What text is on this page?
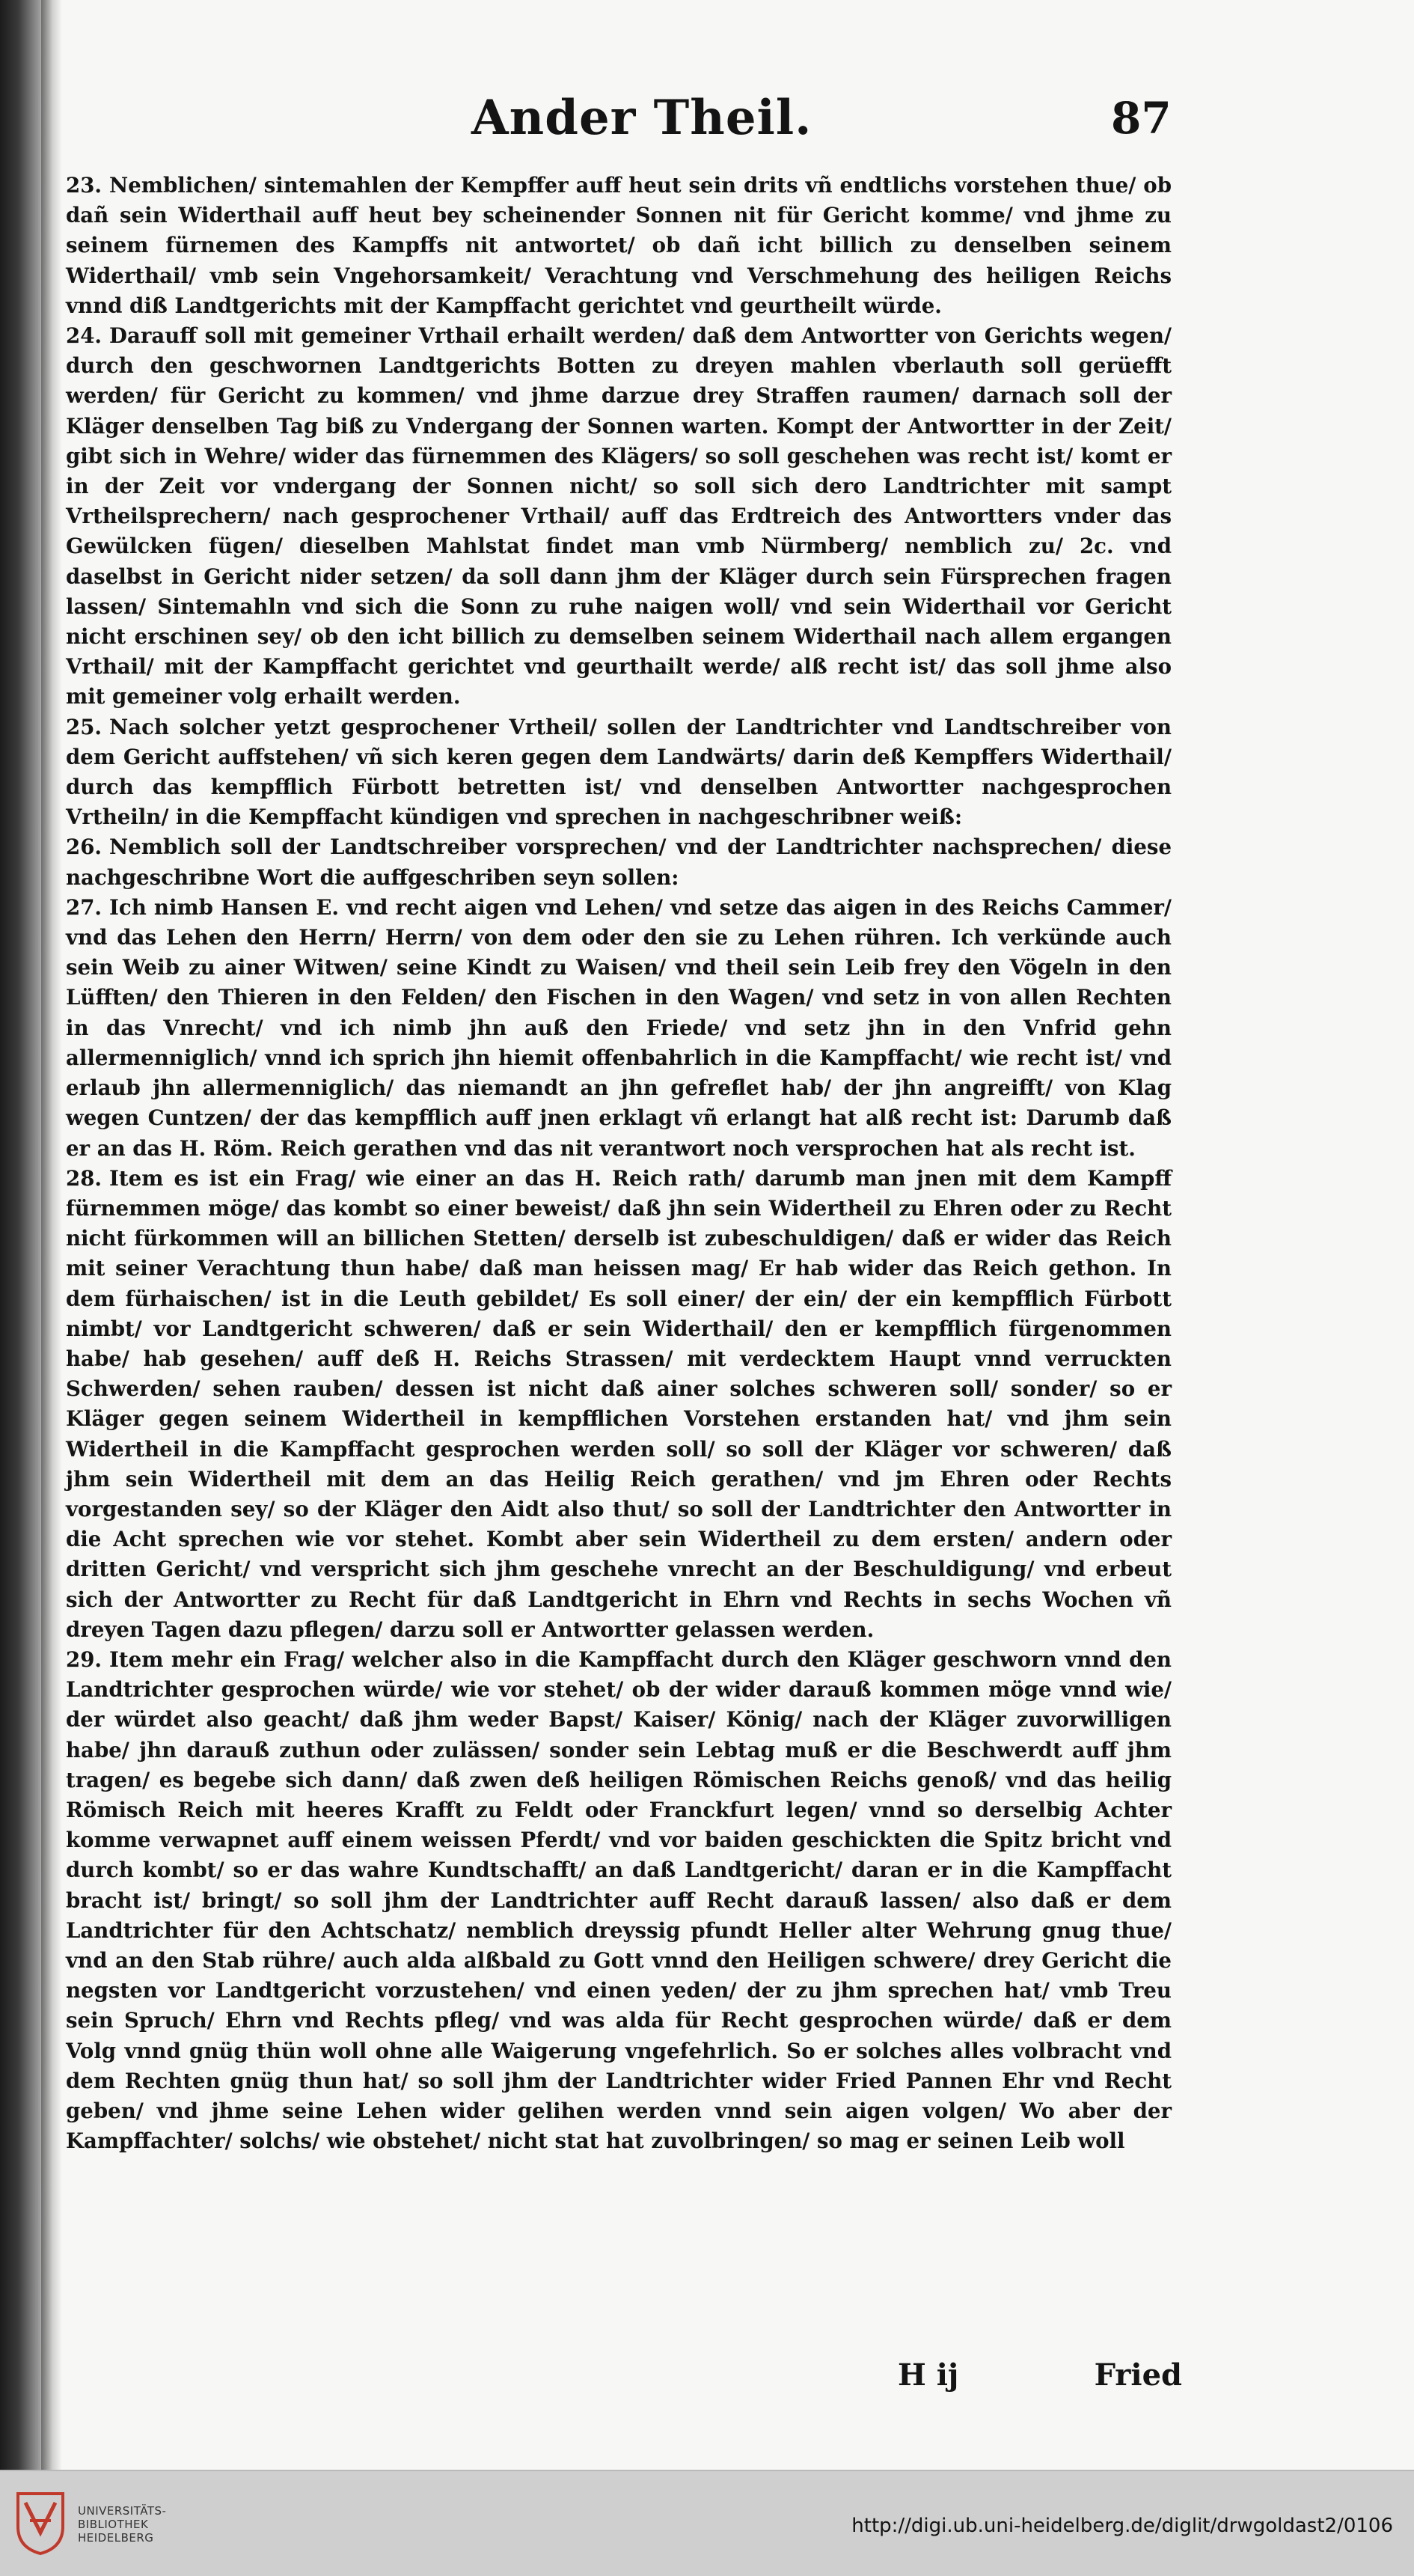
Ander Theil.	87

23. Nemblichen/ sintemahlen der Kempffer auff heut sein drits vñ endtlichs vorstehen thue/ ob dañ sein Widerthail auff heut bey scheinender Sonnen nit für Gericht komme/ vnd jhme zu seinem fürnemen des Kampffs nit antwortet/ ob dañ icht billich zu denselben seinem Widerthail/ vmb sein Vngehorsamkeit/ Verachtung vnd Verschmehung des heiligen Reichs vnnd diß Landtgerichts mit der Kampffacht gerichtet vnd geurtheilt würde.

24. Darauff soll mit gemeiner Vrthail erhailt werden/ daß dem Antwortter von Gerichts wegen/ durch den geschwornen Landtgerichts Botten zu dreyen mahlen vberlauth soll gerüefft werden/ für Gericht zu kommen/ vnd jhme darzue drey Straffen raumen/ darnach soll der Kläger denselben Tag biß zu Vndergang der Sonnen warten. Kompt der Antwortter in der Zeit/ gibt sich in Wehre/ wider das fürnemmen des Klägers/ so soll geschehen was recht ist/ komt er in der Zeit vor vndergang der Sonnen nicht/ so soll sich dero Landtrichter mit sampt Vrtheilsprechern/ nach gesprochener Vrthail/ auff das Erdtreich des Antwortters vnder das Gewülcken fügen/ dieselben Mahlstat findet man vmb Nürmberg/ nemblich zu/ 2c. vnd daselbst in Gericht nider setzen/ da soll dann jhm der Kläger durch sein Fürsprechen fragen lassen/ Sintemahln vnd sich die Sonn zu ruhe naigen woll/ vnd sein Widerthail vor Gericht nicht erschinen sey/ ob den icht billich zu demselben seinem Widerthail nach allem ergangen Vrthail/ mit der Kampffacht gerichtet vnd geurthailt werde/ alß recht ist/ das soll jhme also mit gemeiner volg erhailt werden.

25. Nach solcher yetzt gesprochener Vrtheil/ sollen der Landtrichter vnd Landtschreiber von dem Gericht auffstehen/ vñ sich keren gegen dem Landwärts/ darin deß Kempffers Widerthail/ durch das kempfflich Fürbott betretten ist/ vnd denselben Antwortter nachgesprochen Vrtheiln/ in die Kempffacht kündigen vnd sprechen in nachgeschribner weiß:

26. Nemblich soll der Landtschreiber vorsprechen/ vnd der Landtrichter nachsprechen/ diese nachgeschribne Wort die auffgeschriben seyn sollen:

27. Ich nimb Hansen E. vnd recht aigen vnd Lehen/ vnd setze das aigen in des Reichs Cammer/ vnd das Lehen den Herrn/ Herrn/ von dem oder den sie zu Lehen rühren. Ich verkünde auch sein Weib zu ainer Witwen/ seine Kindt zu Waisen/ vnd theil sein Leib frey den Vögeln in den Lüfften/ den Thieren in den Felden/ den Fischen in den Wagen/ vnd setz in von allen Rechten in das Vnrecht/ vnd ich nimb jhn auß den Friede/ vnd setz jhn in den Vnfrid gehn allermenniglich/ vnnd ich sprich jhn hiemit offenbahrlich in die Kampffacht/ wie recht ist/ vnd erlaub jhn allermenniglich/ das niemandt an jhn gefreflet hab/ der jhn angreifft/ von Klag wegen Cuntzen/ der das kempfflich auff jnen erklagt vñ erlangt hat alß recht ist: Darumb daß er an das H. Röm. Reich gerathen vnd das nit verantwort noch versprochen hat als recht ist.

28. Item es ist ein Frag/ wie einer an das H. Reich rath/ darumb man jnen mit dem Kampff fürnemmen möge/ das kombt so einer beweist/ daß jhn sein Widertheil zu Ehren oder zu Recht nicht fürkommen will an billichen Stetten/ derselb ist zubeschuldigen/ daß er wider das Reich mit seiner Verachtung thun habe/ daß man heissen mag/ Er hab wider das Reich gethon. In dem fürhaischen/ ist in die Leuth gebildet/ Es soll einer/ der ein/ der ein kempfflich Fürbott nimbt/ vor Landtgericht schweren/ daß er sein Widerthail/ den er kempfflich fürgenommen habe/ hab gesehen/ auff deß H. Reichs Strassen/ mit verdecktem Haupt vnnd verruckten Schwerden/ sehen rauben/ dessen ist nicht daß ainer solches schweren soll/ sonder/ so er Kläger gegen seinem Widertheil in kempfflichen Vorstehen erstanden hat/ vnd jhm sein Widertheil in die Kampffacht gesprochen werden soll/ so soll der Kläger vor schweren/ daß jhm sein Widertheil mit dem an das Heilig Reich gerathen/ vnd jm Ehren oder Rechts vorgestanden sey/ so der Kläger den Aidt also thut/ so soll der Landtrichter den Antwortter in die Acht sprechen wie vor stehet. Kombt aber sein Widertheil zu dem ersten/ andern oder dritten Gericht/ vnd verspricht sich jhm geschehe vnrecht an der Beschuldigung/ vnd erbeut sich der Antwortter zu Recht für daß Landtgericht in Ehrn vnd Rechts in sechs Wochen vñ dreyen Tagen dazu pflegen/ darzu soll er Antwortter gelassen werden.

29. Item mehr ein Frag/ welcher also in die Kampffacht durch den Kläger geschworn vnnd den Landtrichter gesprochen würde/ wie vor stehet/ ob der wider darauß kommen möge vnnd wie/ der würdet also geacht/ daß jhm weder Bapst/ Kaiser/ König/ nach der Kläger zuvorwilligen habe/ jhn darauß zuthun oder zulässen/ sonder sein Lebtag muß er die Beschwerdt auff jhm tragen/ es begebe sich dann/ daß zwen deß heiligen Römischen Reichs genoß/ vnd das heilig Römisch Reich mit heeres Krafft zu Feldt oder Franckfurt legen/ vnnd so derselbig Achter komme verwapnet auff einem weissen Pferdt/ vnd vor baiden geschickten die Spitz bricht vnd durch kombt/ so er das wahre Kundtschafft/ an daß Landtgericht/ daran er in die Kampffacht bracht ist/ bringt/ so soll jhm der Landtrichter auff Recht darauß lassen/ also daß er dem Landtrichter für den Achtschatz/ nemblich dreyssig pfundt Heller alter Wehrung gnug thue/ vnd an den Stab rühre/ auch alda alßbald zu Gott vnnd den Heiligen schwere/ drey Gericht die negsten vor Landtgericht vorzustehen/ vnd einen yeden/ der zu jhm sprechen hat/ vmb Treu sein Spruch/ Ehrn vnd Rechts pfleg/ vnd was alda für Recht gesprochen würde/ daß er dem Volg vnnd gnüg thün woll ohne alle Waigerung vngefehrlich. So er solches alles volbracht vnd dem Rechten gnüg thun hat/ so soll jhm der Landtrichter wider Fried Pannen Ehr vnd Recht geben/ vnd jhme seine Lehen wider gelihen werden vnnd sein aigen volgen/ Wo aber der Kampffachter/ solchs/ wie obstehet/ nicht stat hat zuvolbringen/ so mag er seinen Leib woll

H ij	Fried
UNIVERSITÄTS-
BIBLIOTHEK
HEIDELBERG
http://digi.ub.uni-heidelberg.de/diglit/drwgoldast2/0106
